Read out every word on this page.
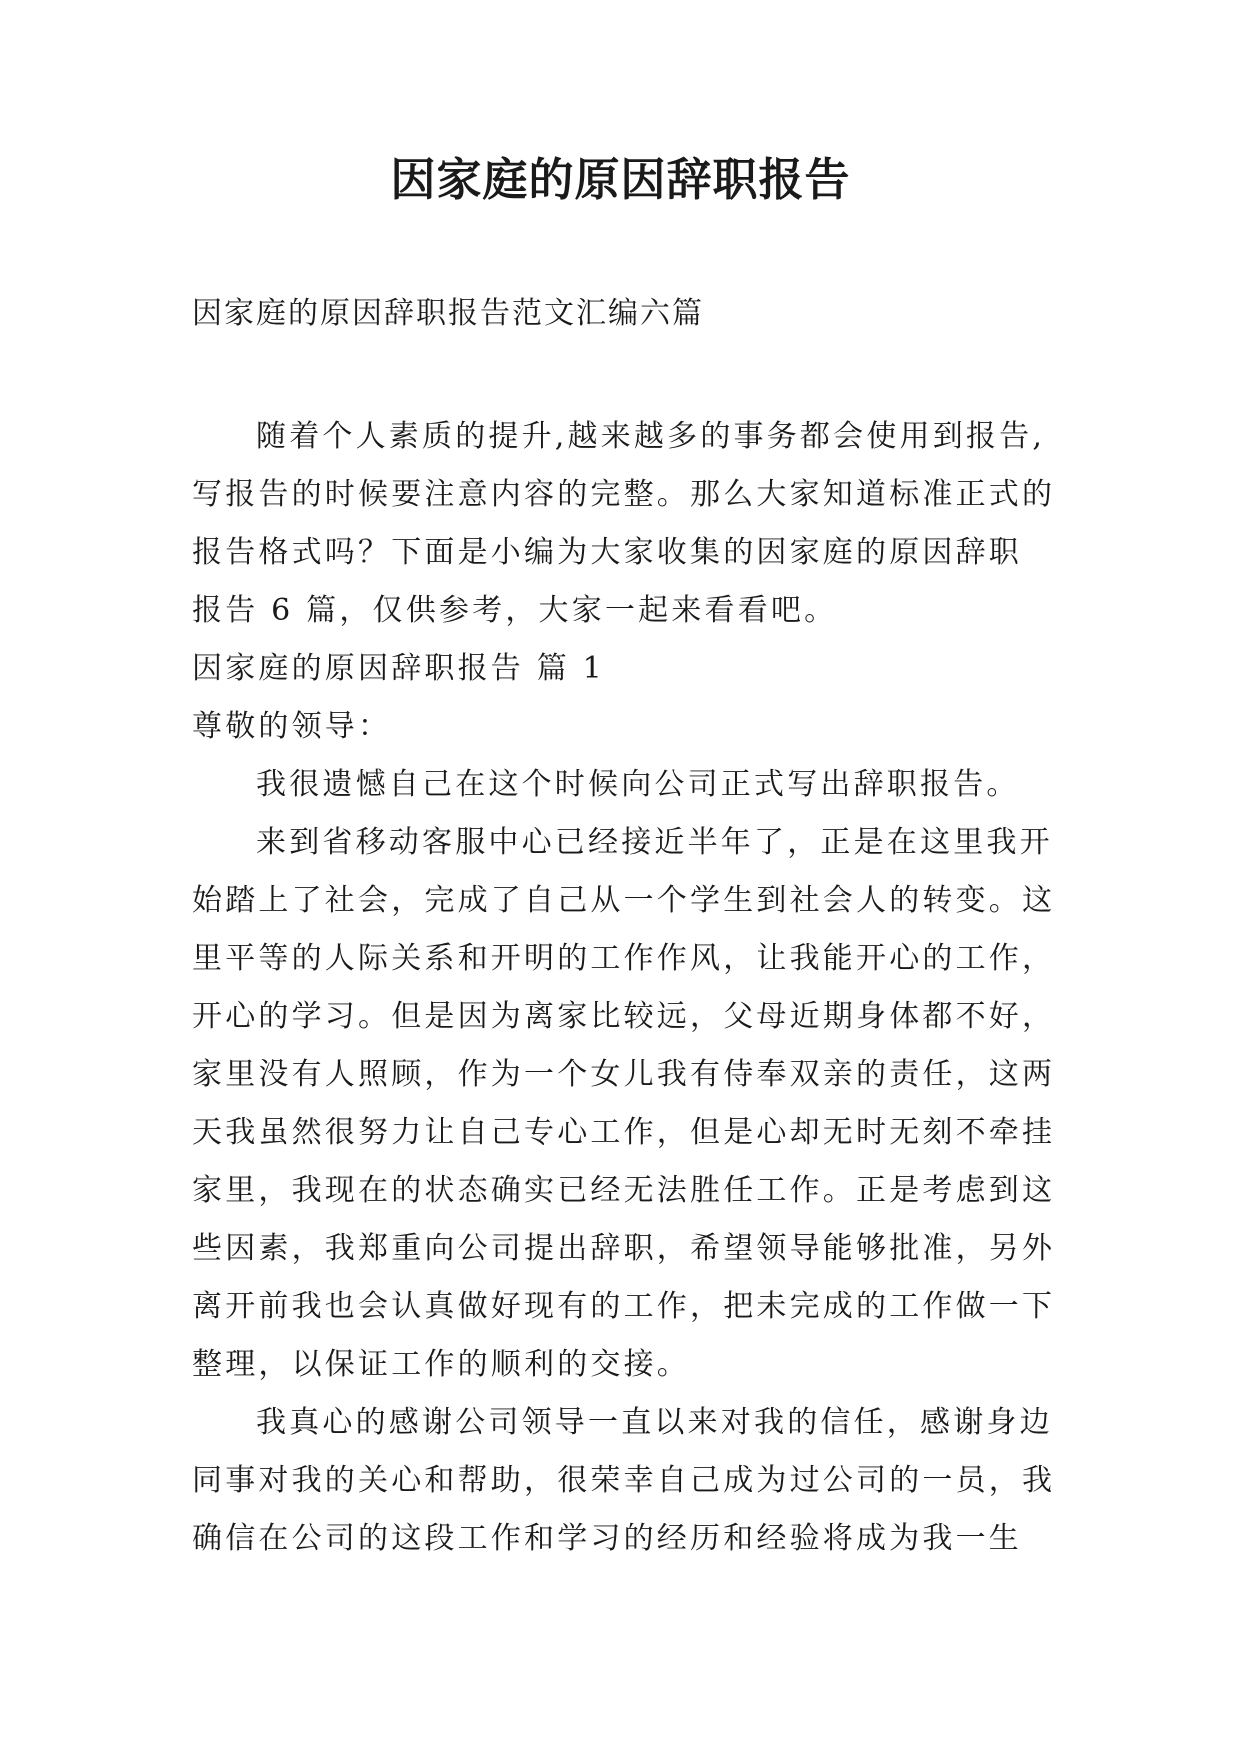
因家庭的原因辞职报告
因家庭的原因辞职报告范文汇编六篇

随着个人素质的提升,越来越多的事务都会使用到报告,

写报告的时候要注意内容的完整。那么大家知道标准正式的

报告格式吗？下面是小编为大家收集的因家庭的原因辞职

报告 6 篇，仅供参考，大家一起来看看吧。

因家庭的原因辞职报告 篇 1

尊敬的领导：

我很遗憾自己在这个时候向公司正式写出辞职报告。

来到省移动客服中心已经接近半年了，正是在这里我开

始踏上了社会，完成了自己从一个学生到社会人的转变。这

里平等的人际关系和开明的工作作风，让我能开心的工作，

开心的学习。但是因为离家比较远，父母近期身体都不好，

家里没有人照顾，作为一个女儿我有侍奉双亲的责任，这两

天我虽然很努力让自己专心工作，但是心却无时无刻不牵挂

家里，我现在的状态确实已经无法胜任工作。正是考虑到这

些因素，我郑重向公司提出辞职，希望领导能够批准，另外

离开前我也会认真做好现有的工作，把未完成的工作做一下

整理，以保证工作的顺利的交接。

我真心的感谢公司领导一直以来对我的信任，感谢身边

同事对我的关心和帮助，很荣幸自己成为过公司的一员，我

确信在公司的这段工作和学习的经历和经验将成为我一生
